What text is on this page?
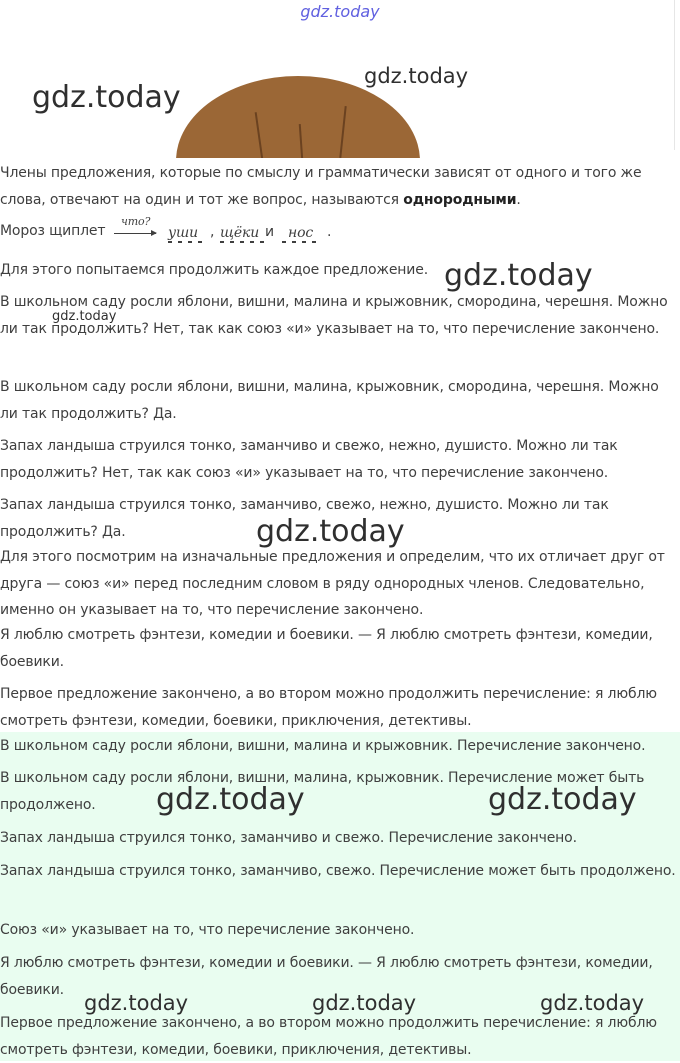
gdz.today

Члены предложения, которые по смыслу и грамматически зависят от одного и того же слова, отвечают на один и тот же вопрос, называются однородными.

Мороз щиплет
что?
уши , щёки и нос .

Для этого попытаемся продолжить каждое предложение.

В школьном саду росли яблони, вишни, малина и крыжовник, смородина, черешня. Можно ли так продолжить? Нет, так как союз «и» указывает на то, что перечисление закончено.

В школьном саду росли яблони, вишни, малина, крыжовник, смородина, черешня. Можно ли так продолжить? Да.

Запах ландыша струился тонко, заманчиво и свежо, нежно, душисто. Можно ли так продолжить? Нет, так как союз «и» указывает на то, что перечисление закончено.

Запах ландыша струился тонко, заманчиво, свежо, нежно, душисто. Можно ли так продолжить? Да.

Для этого посмотрим на изначальные предложения и определим, что их отличает друг от друга — союз «и» перед последним словом в ряду однородных членов. Следовательно, именно он указывает на то, что перечисление закончено.

Я люблю смотреть фэнтези, комедии и боевики. — Я люблю смотреть фэнтези, комедии, боевики.

Первое предложение закончено, а во втором можно продолжить перечисление: я люблю смотреть фэнтези, комедии, боевики, приключения, детективы.

В школьном саду росли яблони, вишни, малина и крыжовник. Перечисление закончено.

В школьном саду росли яблони, вишни, малина, крыжовник. Перечисление может быть продолжено.

Запах ландыша струился тонко, заманчиво и свежо. Перечисление закончено.

Запах ландыша струился тонко, заманчиво, свежо. Перечисление может быть продолжено.

Союз «и» указывает на то, что перечисление закончено.

Я люблю смотреть фэнтези, комедии и боевики. — Я люблю смотреть фэнтези, комедии, боевики.

Первое предложение закончено, а во втором можно продолжить перечисление: я люблю смотреть фэнтези, комедии, боевики, приключения, детективы.

gdz.today
gdz.today
gdz.today
gdz.today
gdz.today
gdz.today	gdz.today
gdz.today	gdz.today	gdz.today
